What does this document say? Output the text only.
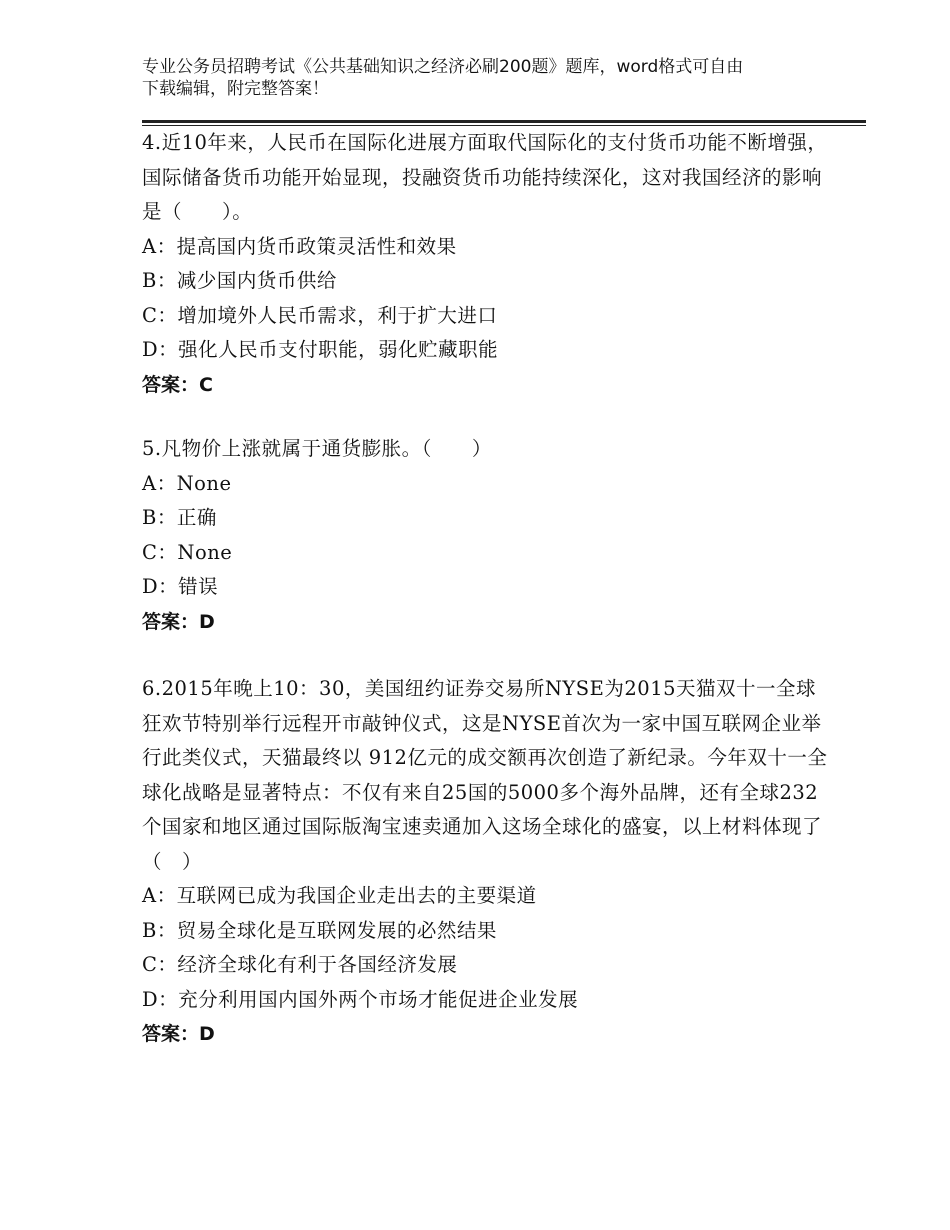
专业公务员招聘考试《公共基础知识之经济必刷200题》题库，word格式可自由
下载编辑，附完整答案！

4.近10年来，人民币在国际化进展方面取代国际化的支付货币功能不断增强，国际储备货币功能开始显现，投融资货币功能持续深化，这对我国经济的影响是（　　）。

A：提高国内货币政策灵活性和效果

B：减少国内货币供给

C：增加境外人民币需求，利于扩大进口

D：强化人民币支付职能，弱化贮藏职能

答案：C

5.凡物价上涨就属于通货膨胀。（　　）

A：None

B：正确

C：None

D：错误

答案：D

6.2015年晚上10：30，美国纽约证券交易所NYSE为2015天猫双十一全球狂欢节特别举行远程开市敲钟仪式，这是NYSE首次为一家中国互联网企业举行此类仪式，天猫最终以 912亿元的成交额再次创造了新纪录。今年双十一全球化战略是显著特点：不仅有来自25国的5000多个海外品牌，还有全球232个国家和地区通过国际版淘宝速卖通加入这场全球化的盛宴，以上材料体现了（　）

A：互联网已成为我国企业走出去的主要渠道

B：贸易全球化是互联网发展的必然结果

C：经济全球化有利于各国经济发展

D：充分利用国内国外两个市场才能促进企业发展

答案：D
